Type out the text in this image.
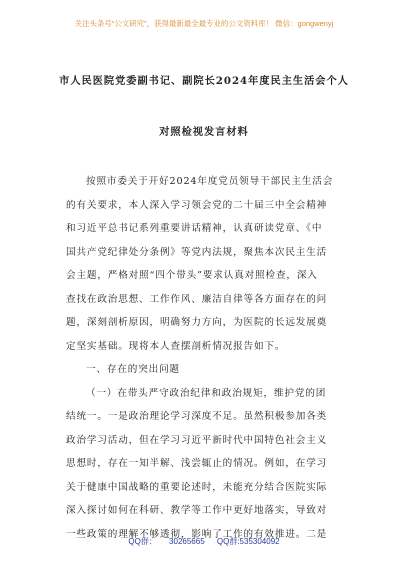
关注头条号“公文研究”，获得最新最全最专业的公文资料库！ 微信：gongwenyj
市人民医院党委副书记、副院长2024年度民主生活会个人
对照检视发言材料
按照市委关于开好2024年度党员领导干部民主生活会
的有关要求，本人深入学习领会党的二十届三中全会精神
和习近平总书记系列重要讲话精神，认真研读党章、《中
国共产党纪律处分条例》等党内法规，聚焦本次民主生活
会主题，严格对照“四个带头”要求认真对照检查，深入
查找在政治思想、工作作风、廉洁自律等各方面存在的问
题，深刻剖析原因，明确努力方向，为医院的长远发展奠
定坚实基础。现将本人查摆剖析情况报告如下。
一、存在的突出问题
（一）在带头严守政治纪律和政治规矩，维护党的团
结统一。一是政治理论学习深度不足。虽然积极参加各类
政治学习活动，但在学习习近平新时代中国特色社会主义
思想时，存在一知半解、浅尝辄止的情况。例如，在学习
关于健康中国战略的重要论述时，未能充分结合医院实际
深入探讨如何在科研、教学等工作中更好地落实，导致对
一些政策的理解不够透彻，影响了工作的有效推进。二是
QQ群： 30265665 QQ群:535304092
